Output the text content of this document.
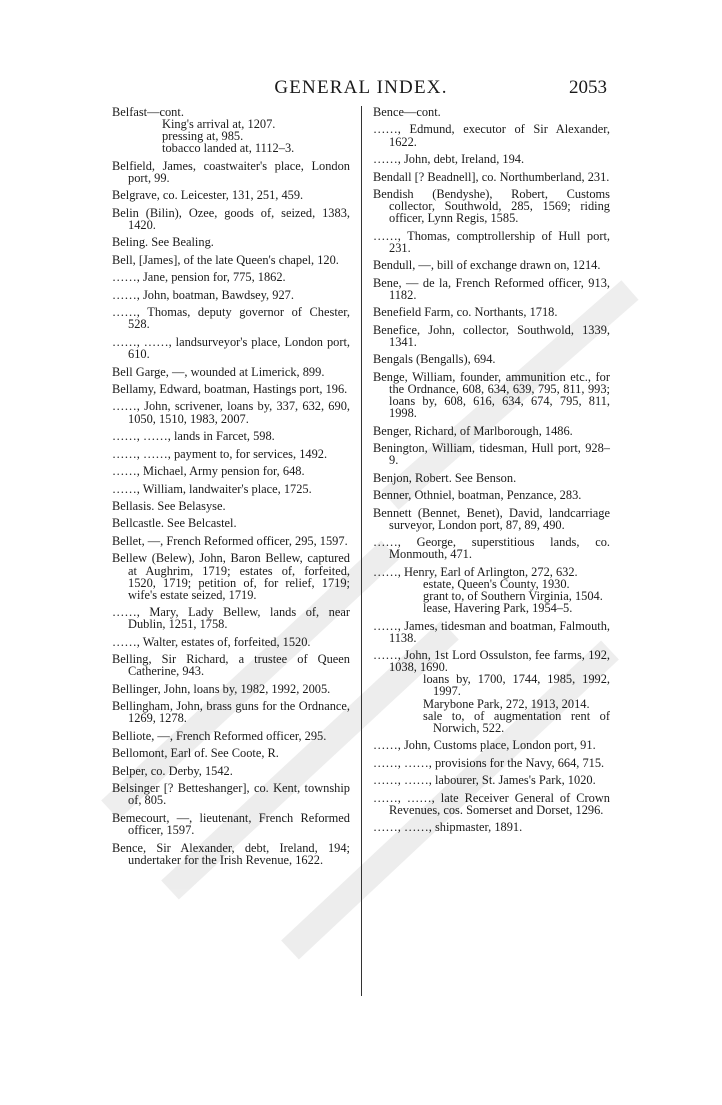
GENERAL INDEX.	2053
Belfast—cont.
King's arrival at, 1207.
pressing at, 985.
tobacco landed at, 1112–3.
Belfield, James, coastwaiter's place, London port, 99.
Belgrave, co. Leicester, 131, 251, 459.
Belin (Bilin), Ozee, goods of, seized, 1383, 1420.
Beling. See Bealing.
Bell, [James], of the late Queen's chapel, 120.
……, Jane, pension for, 775, 1862.
……, John, boatman, Bawdsey, 927.
……, Thomas, deputy governor of Chester, 528.
……, ……, landsurveyor's place, London port, 610.
Bell Garge, —, wounded at Limerick, 899.
Bellamy, Edward, boatman, Hastings port, 196.
……, John, scrivener, loans by, 337, 632, 690, 1050, 1510, 1983, 2007.
……, ……, lands in Farcet, 598.
……, ……, payment to, for services, 1492.
……, Michael, Army pension for, 648.
……, William, landwaiter's place, 1725.
Bellasis. See Belasyse.
Bellcastle. See Belcastel.
Bellet, —, French Reformed officer, 295, 1597.
Bellew (Belew), John, Baron Bellew, captured at Aughrim, 1719; estates of, forfeited, 1520, 1719; petition of, for relief, 1719; wife's estate seized, 1719.
……, Mary, Lady Bellew, lands of, near Dublin, 1251, 1758.
……, Walter, estates of, forfeited, 1520.
Belling, Sir Richard, a trustee of Queen Catherine, 943.
Bellinger, John, loans by, 1982, 1992, 2005.
Bellingham, John, brass guns for the Ordnance, 1269, 1278.
Belliote, —, French Reformed officer, 295.
Bellomont, Earl of. See Coote, R.
Belper, co. Derby, 1542.
Belsinger [? Betteshanger], co. Kent, township of, 805.
Bemecourt, —, lieutenant, French Reformed officer, 1597.
Bence, Sir Alexander, debt, Ireland, 194; undertaker for the Irish Revenue, 1622.
Bence—cont.
……, Edmund, executor of Sir Alexander, 1622.
……, John, debt, Ireland, 194.
Bendall [? Beadnell], co. Northumberland, 231.
Bendish (Bendyshe), Robert, Customs collector, Southwold, 285, 1569; riding officer, Lynn Regis, 1585.
……, Thomas, comptrollership of Hull port, 231.
Bendull, —, bill of exchange drawn on, 1214.
Bene, — de la, French Reformed officer, 913, 1182.
Benefield Farm, co. Northants, 1718.
Benefice, John, collector, Southwold, 1339, 1341.
Bengals (Bengalls), 694.
Benge, William, founder, ammunition etc., for the Ordnance, 608, 634, 639, 795, 811, 993; loans by, 608, 616, 634, 674, 795, 811, 1998.
Benger, Richard, of Marlborough, 1486.
Benington, William, tidesman, Hull port, 928–9.
Benjon, Robert. See Benson.
Benner, Othniel, boatman, Penzance, 283.
Bennett (Bennet, Benet), David, landcarriage surveyor, London port, 87, 89, 490.
……, George, superstitious lands, co. Monmouth, 471.
……, Henry, Earl of Arlington, 272, 632.
estate, Queen's County, 1930.
grant to, of Southern Virginia, 1504.
lease, Havering Park, 1954–5.
……, James, tidesman and boatman, Falmouth, 1138.
……, John, 1st Lord Ossulston, fee farms, 192, 1038, 1690.
loans by, 1700, 1744, 1985, 1992, 1997.
Marybone Park, 272, 1913, 2014.
sale to, of augmentation rent of Norwich, 522.
……, John, Customs place, London port, 91.
……, ……, provisions for the Navy, 664, 715.
……, ……, labourer, St. James's Park, 1020.
……, ……, late Receiver General of Crown Revenues, cos. Somerset and Dorset, 1296.
……, ……, shipmaster, 1891.
